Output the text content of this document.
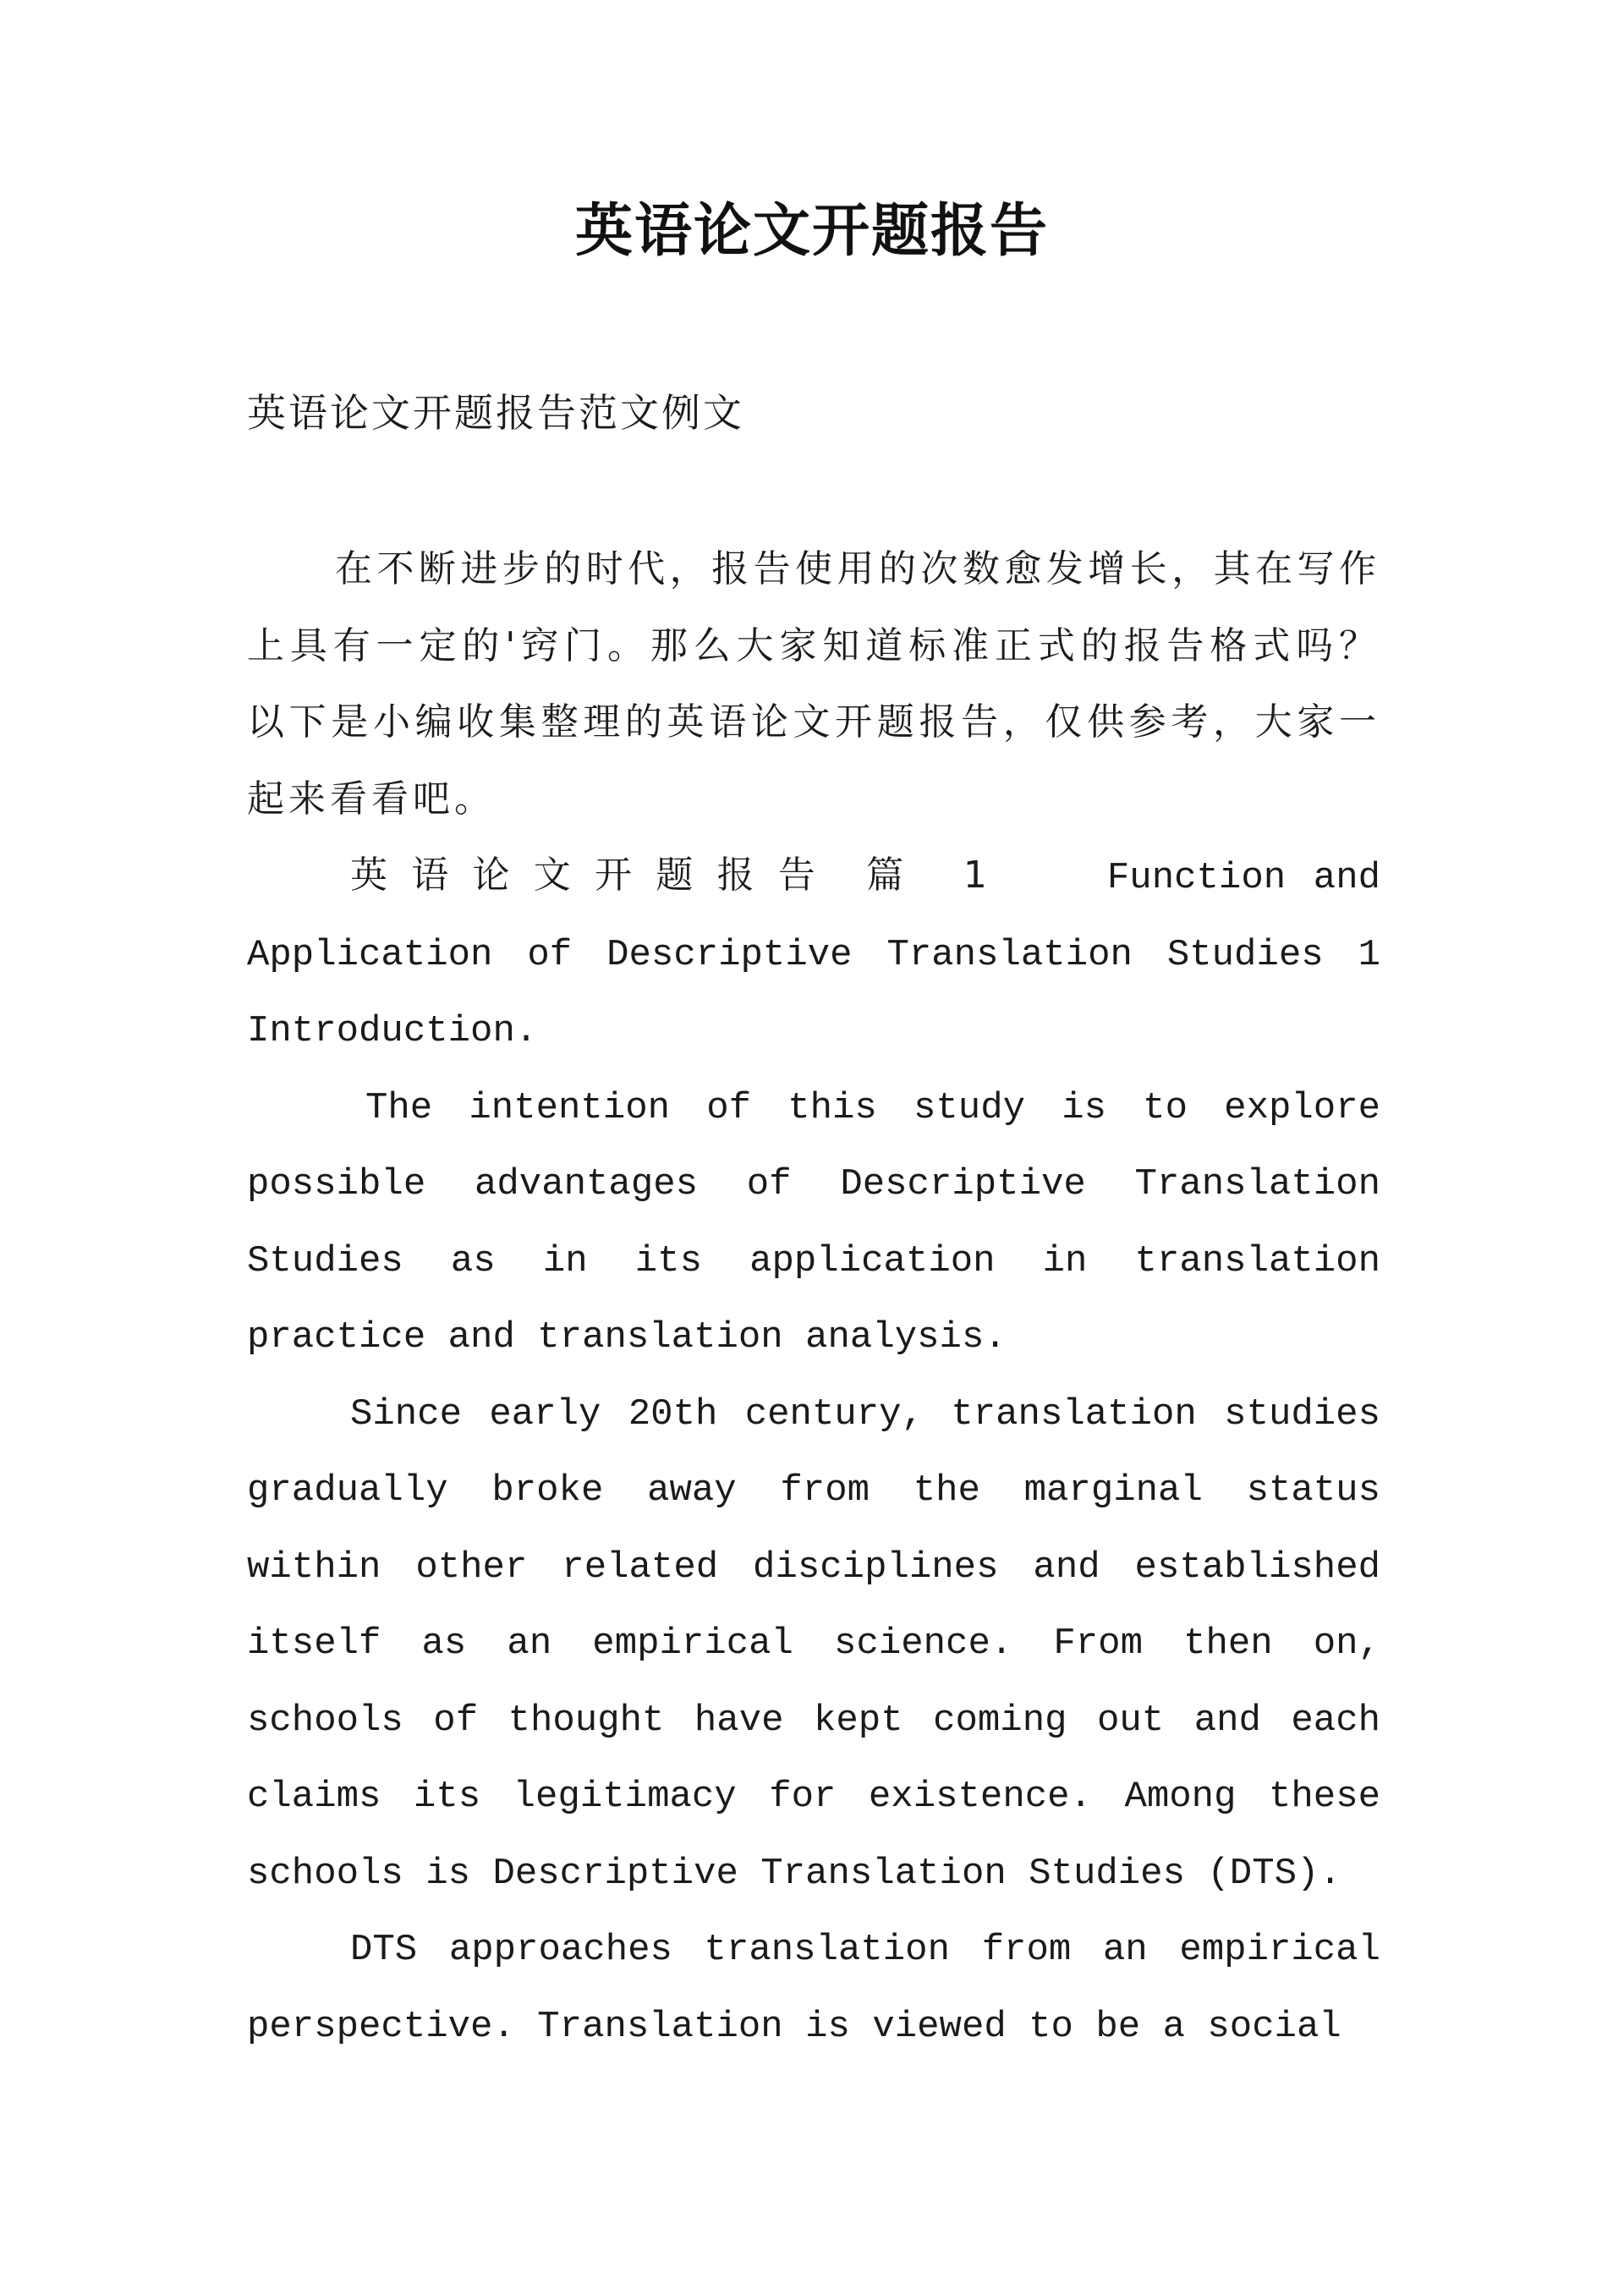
英语论文开题报告
英语论文开题报告范文例文

在不断进步的时代，报告使用的次数愈发增长，其在写作上具有一定的'窍门。那么大家知道标准正式的报告格式吗？以下是小编收集整理的英语论文开题报告，仅供参考，大家一起来看看吧。

英语论文开题报告 篇 1	Function and Application of Descriptive Translation Studies 1 Introduction.

The intention of this study is to explore possible advantages of Descriptive Translation Studies as in its application in translation practice and translation analysis.

Since early 20th century, translation studies gradually broke away from the marginal status within other related disciplines and established itself as an empirical science. From then on, schools of thought have kept coming out and each claims its legitimacy for existence. Among these schools is Descriptive Translation Studies (DTS).

DTS approaches translation from an empirical perspective. Translation is viewed to be a social
